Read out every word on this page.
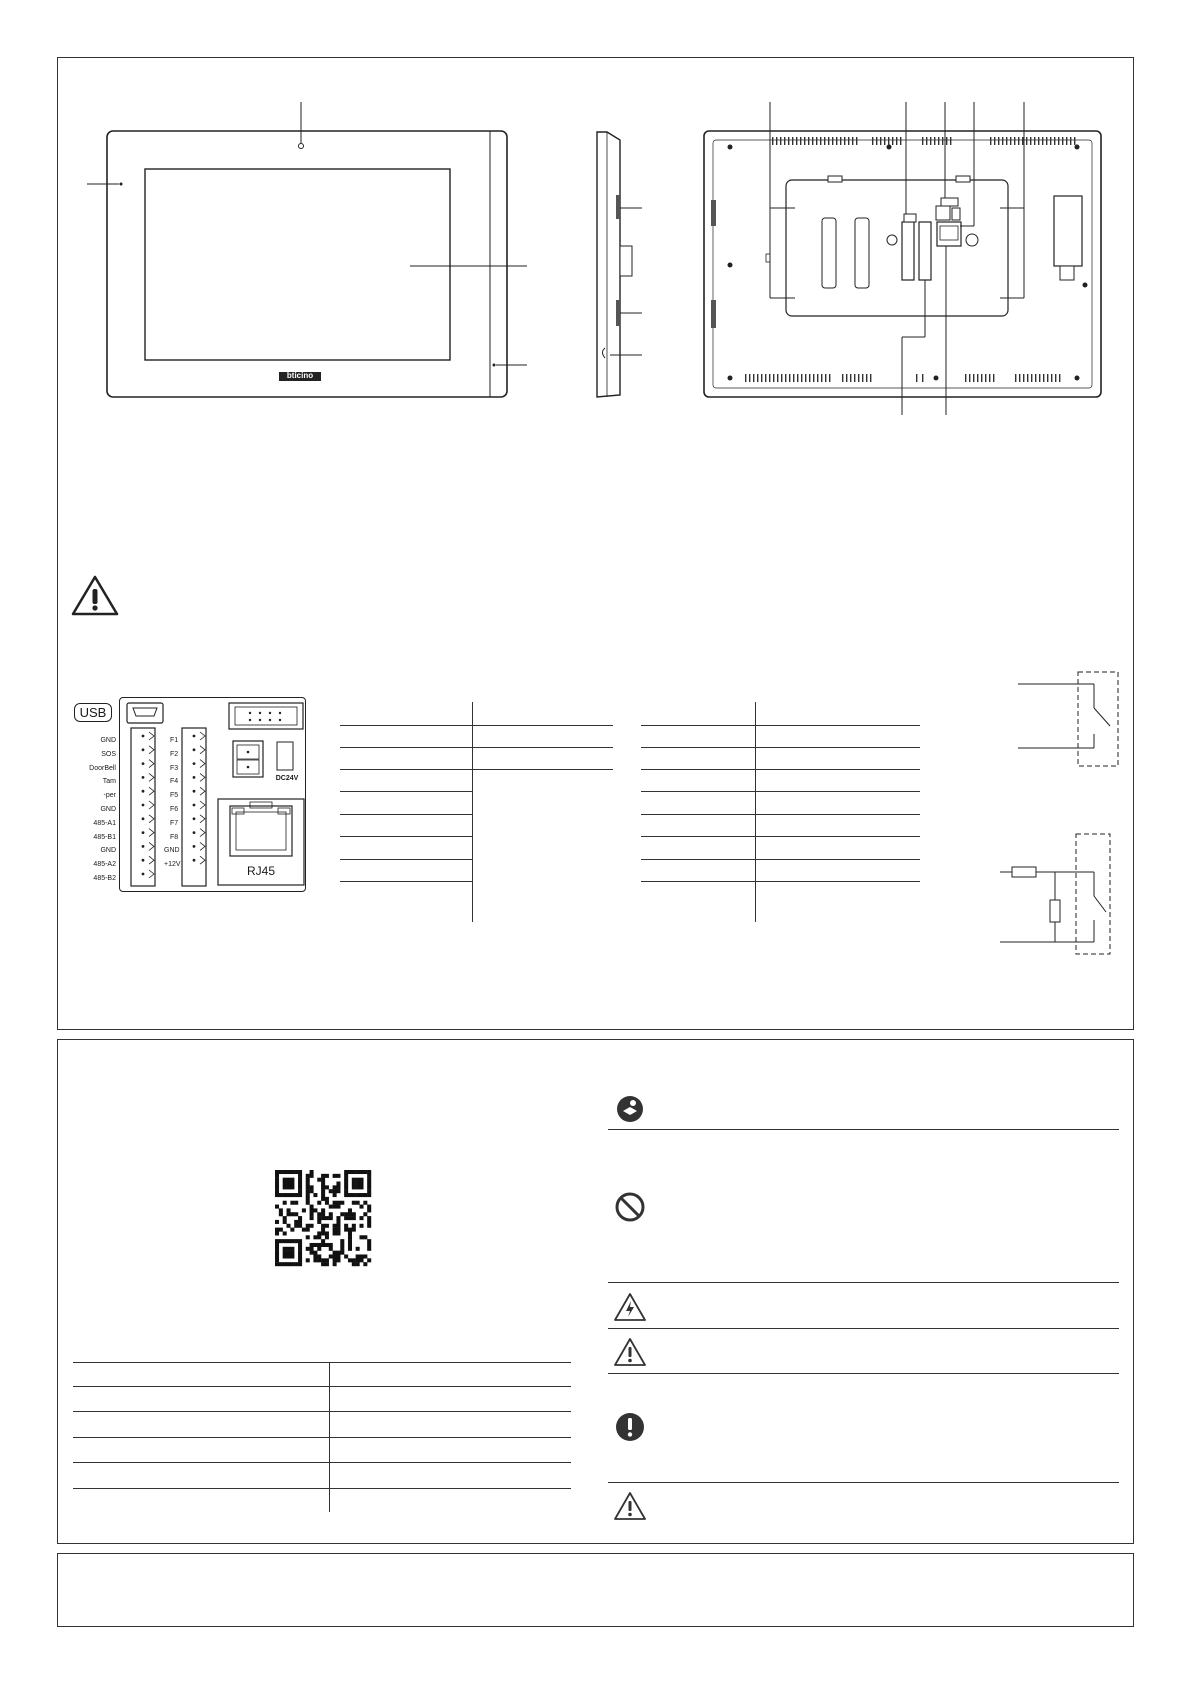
bticino
USB
DC24V
RJ45
GND
SOS
DoorBell
Tam
-per
GND
485-A1
485-B1
GND
485-A2
485-B2
F1
F2
F3
F4
F5
F6
F7
F8
GND
+12V
